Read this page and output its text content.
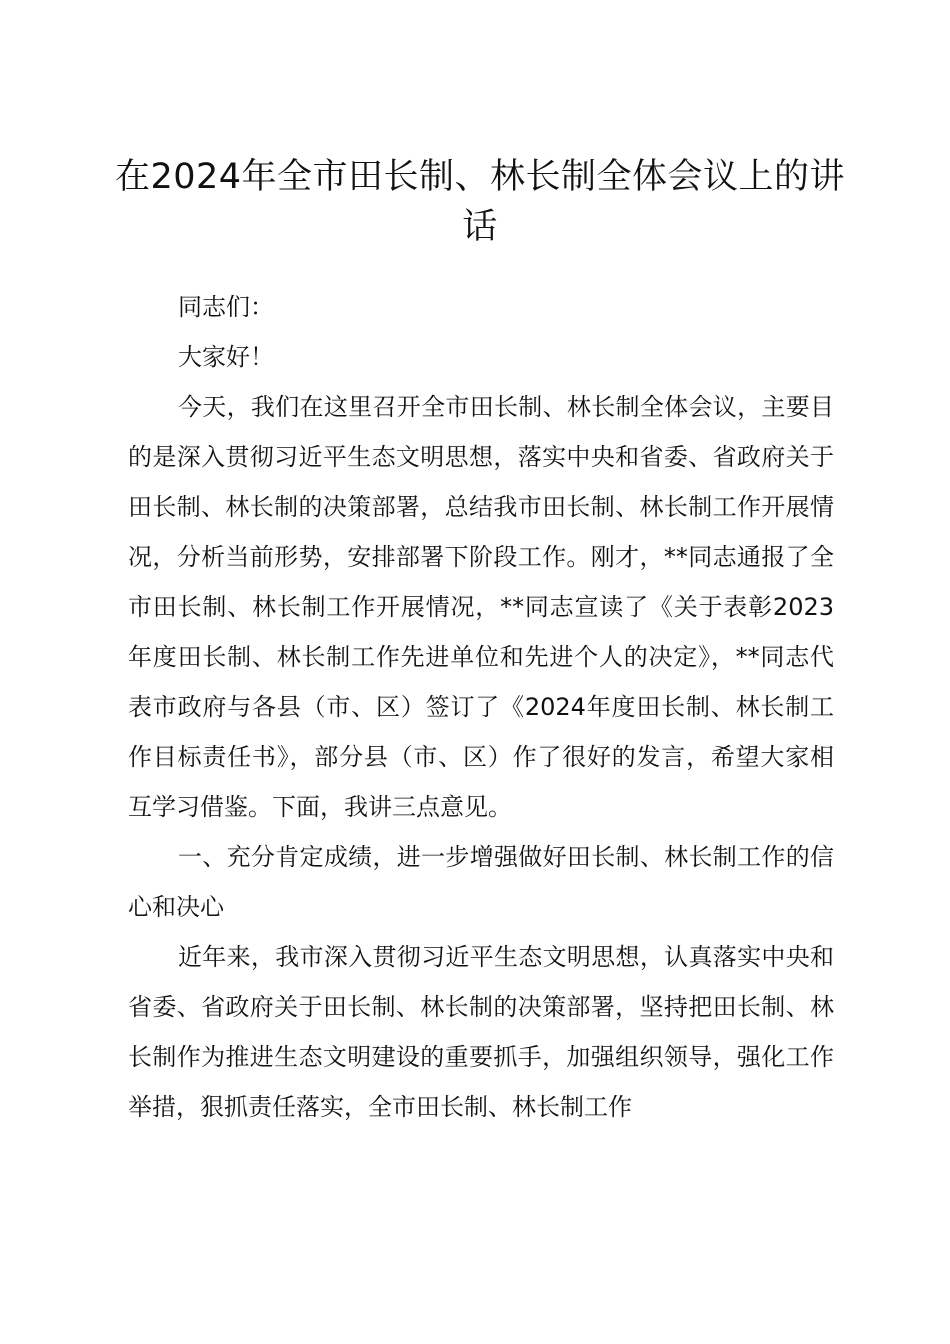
在2024年全市田长制、林长制全体会议上的讲话

同志们：

大家好！

今天，我们在这里召开全市田长制、林长制全体会议，主要目的是深入贯彻习近平生态文明思想，落实中央和省委、省政府关于田长制、林长制的决策部署，总结我市田长制、林长制工作开展情况，分析当前形势，安排部署下阶段工作。刚才，**同志通报了全市田长制、林长制工作开展情况，**同志宣读了《关于表彰2023年度田长制、林长制工作先进单位和先进个人的决定》，**同志代表市政府与各县（市、区）签订了《2024年度田长制、林长制工作目标责任书》，部分县（市、区）作了很好的发言，希望大家相互学习借鉴。下面，我讲三点意见。

一、充分肯定成绩，进一步增强做好田长制、林长制工作的信心和决心

近年来，我市深入贯彻习近平生态文明思想，认真落实中央和省委、省政府关于田长制、林长制的决策部署，坚持把田长制、林长制作为推进生态文明建设的重要抓手，加强组织领导，强化工作举措，狠抓责任落实，全市田长制、林长制工作
